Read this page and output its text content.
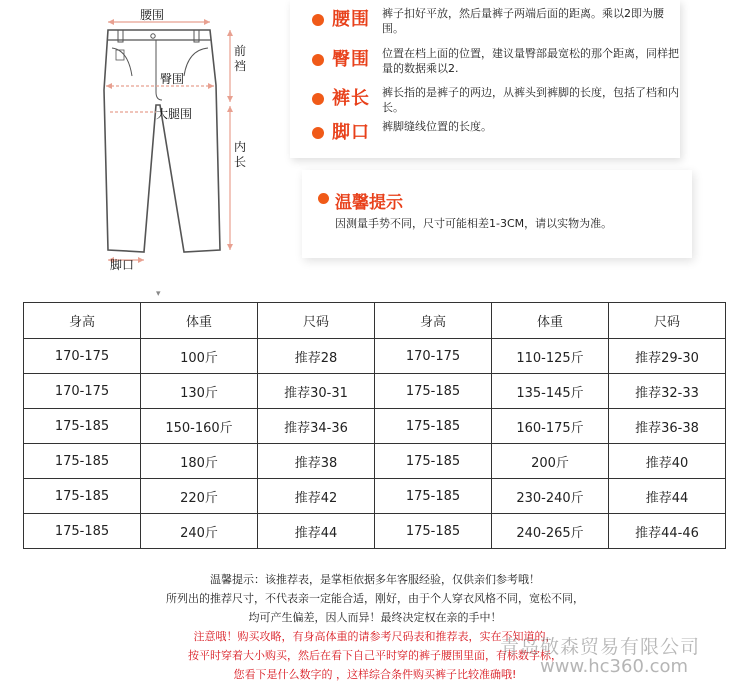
腰围
前裆
臀围
大腿围
内长
脚口
腰围 裤子扣好平放，然后量裤子两端后面的距离。乘以2即为腰围。
臀围 位置在档上面的位置，建议量臀部最宽松的那个距离，同样把量的数据乘以2.
裤长 裤长指的是裤子的两边，从裤头到裤脚的长度，包括了档和内长。
脚口 裤脚缝线位置的长度。
温馨提示
因测量手势不同，尺寸可能相差1-3CM，请以实物为准。
▾
身高	体重	尺码	身高	体重	尺码
170-175	100斤	推荐28	170-175	110-125斤	推荐29-30
170-175	130斤	推荐30-31	175-185	135-145斤	推荐32-33
175-185	150-160斤	推荐34-36	175-185	160-175斤	推荐36-38
175-185	180斤	推荐38	175-185	200斤	推荐40
175-185	220斤	推荐42	175-185	230-240斤	推荐44
175-185	240斤	推荐44	175-185	240-265斤	推荐44-46
温馨提示：该推荐表，是掌柜依据多年客服经验，仅供亲们参考哦！
所列出的推荐尺寸，不代表亲一定能合适，刚好，由于个人穿衣风格不同，宽松不同，
均可产生偏差，因人而异！最终决定权在亲的手中！
注意哦！购买攻略，有身高体重的请参考尺码表和推荐表，实在不知道的，
按平时穿着大小购买，然后在看下自己平时穿的裤子腰围里面，有标数字标，
您看下是什么数字的 ，这样综合条件购买裤子比较准确哦!
青岛敬森贸易有限公司
www.hc360.com
